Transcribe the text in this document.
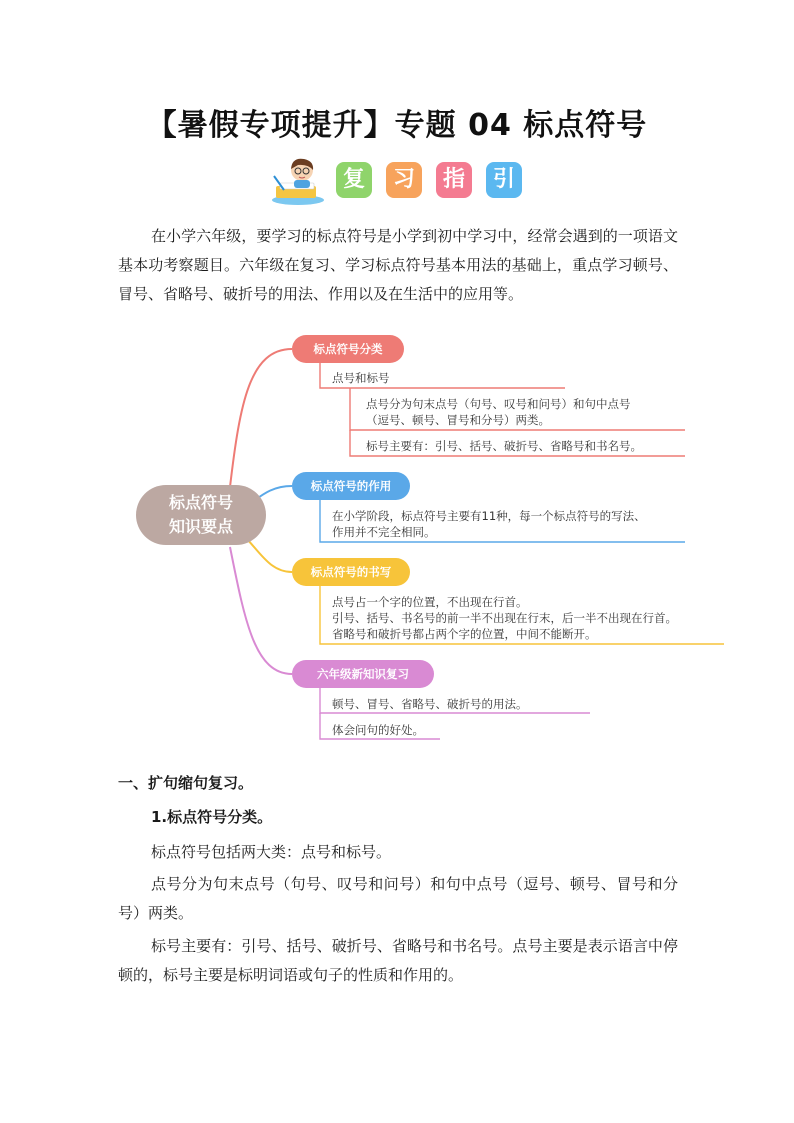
【暑假专项提升】专题 04 标点符号
复	习	指	引

在小学六年级，要学习的标点符号是小学到初中学习中，经常会遇到的一项语文基本功考察题目。六年级在复习、学习标点符号基本用法的基础上，重点学习顿号、冒号、省略号、破折号的用法、作用以及在生活中的应用等。

标点符号
知识要点
标点符号分类
点号和标号
点号分为句末点号（句号、叹号和问号）和句中点号
（逗号、顿号、冒号和分号）两类。
标号主要有：引号、括号、破折号、省略号和书名号。
标点符号的作用
在小学阶段，标点符号主要有11种，每一个标点符号的写法、
作用并不完全相同。
标点符号的书写
点号占一个字的位置，不出现在行首。
引号、括号、书名号的前一半不出现在行末，后一半不出现在行首。
省略号和破折号都占两个字的位置，中间不能断开。
六年级新知识复习
顿号、冒号、省略号、破折号的用法。
体会问句的好处。
一、扩句缩句复习。
1.标点符号分类。

标点符号包括两大类：点号和标号。

点号分为句末点号（句号、叹号和问号）和句中点号（逗号、顿号、冒号和分号）两类。

标号主要有：引号、括号、破折号、省略号和书名号。点号主要是表示语言中停顿的，标号主要是标明词语或句子的性质和作用的。
